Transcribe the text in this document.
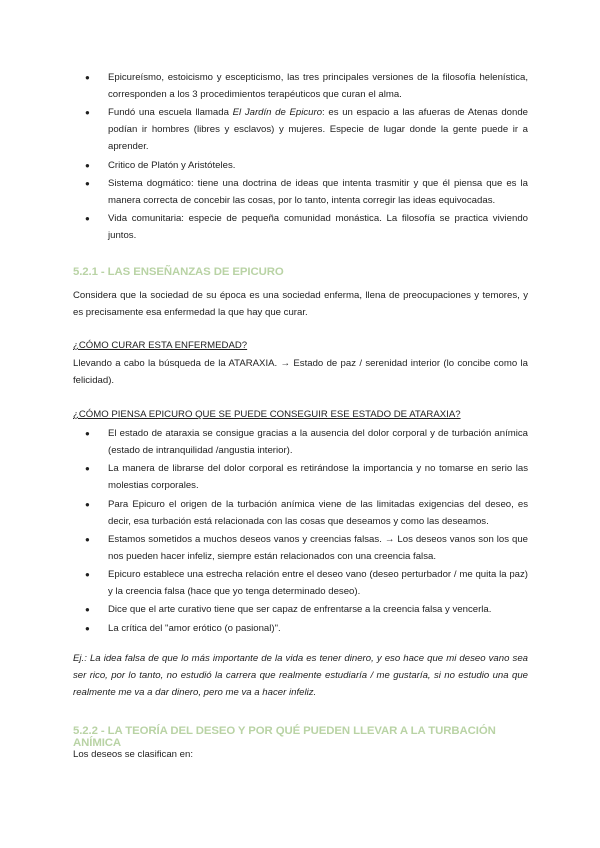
● Epicureísmo, estoicismo y escepticismo, las tres principales versiones de la filosofía helenística, corresponden a los 3 procedimientos terapéuticos que curan el alma.
● Fundó una escuela llamada El Jardín de Epicuro: es un espacio a las afueras de Atenas donde podían ir hombres (libres y esclavos) y mujeres. Especie de lugar donde la gente puede ir a aprender.
● Critico de Platón y Aristóteles.
● Sistema dogmático: tiene una doctrina de ideas que intenta trasmitir y que él piensa que es la manera correcta de concebir las cosas, por lo tanto, intenta corregir las ideas equivocadas.
● Vida comunitaria: especie de pequeña comunidad monástica. La filosofía se practica viviendo juntos.
5.2.1 - LAS ENSEÑANZAS DE EPICURO

Considera que la sociedad de su época es una sociedad enferma, llena de preocupaciones y temores, y es precisamente esa enfermedad la que hay que curar.

¿CÓMO CURAR ESTA ENFERMEDAD?

Llevando a cabo la búsqueda de la ATARAXIA. → Estado de paz / serenidad interior (lo concibe como la felicidad).

¿CÓMO PIENSA EPICURO QUE SE PUEDE CONSEGUIR ESE ESTADO DE ATARAXIA?

● El estado de ataraxia se consigue gracias a la ausencia del dolor corporal y de turbación anímica (estado de intranquilidad /angustia interior).
● La manera de librarse del dolor corporal es retirándose la importancia y no tomarse en serio las molestias corporales.
● Para Epicuro el origen de la turbación anímica viene de las limitadas exigencias del deseo, es decir, esa turbación está relacionada con las cosas que deseamos y como las deseamos.
● Estamos sometidos a muchos deseos vanos y creencias falsas. → Los deseos vanos son los que nos pueden hacer infeliz, siempre están relacionados con una creencia falsa.
● Epicuro establece una estrecha relación entre el deseo vano (deseo perturbador / me quita la paz) y la creencia falsa (hace que yo tenga determinado deseo).
● Dice que el arte curativo tiene que ser capaz de enfrentarse a la creencia falsa y vencerla.
● La crítica del "amor erótico (o pasional)".

Ej.: La idea falsa de que lo más importante de la vida es tener dinero, y eso hace que mi deseo vano sea ser rico, por lo tanto, no estudió la carrera que realmente estudiaría / me gustaría, si no estudio una que realmente me va a dar dinero, pero me va a hacer infeliz.

5.2.2 - LA TEORÍA DEL DESEO Y POR QUÉ PUEDEN LLEVAR A LA TURBACIÓN ANÍMICA

Los deseos se clasifican en:
